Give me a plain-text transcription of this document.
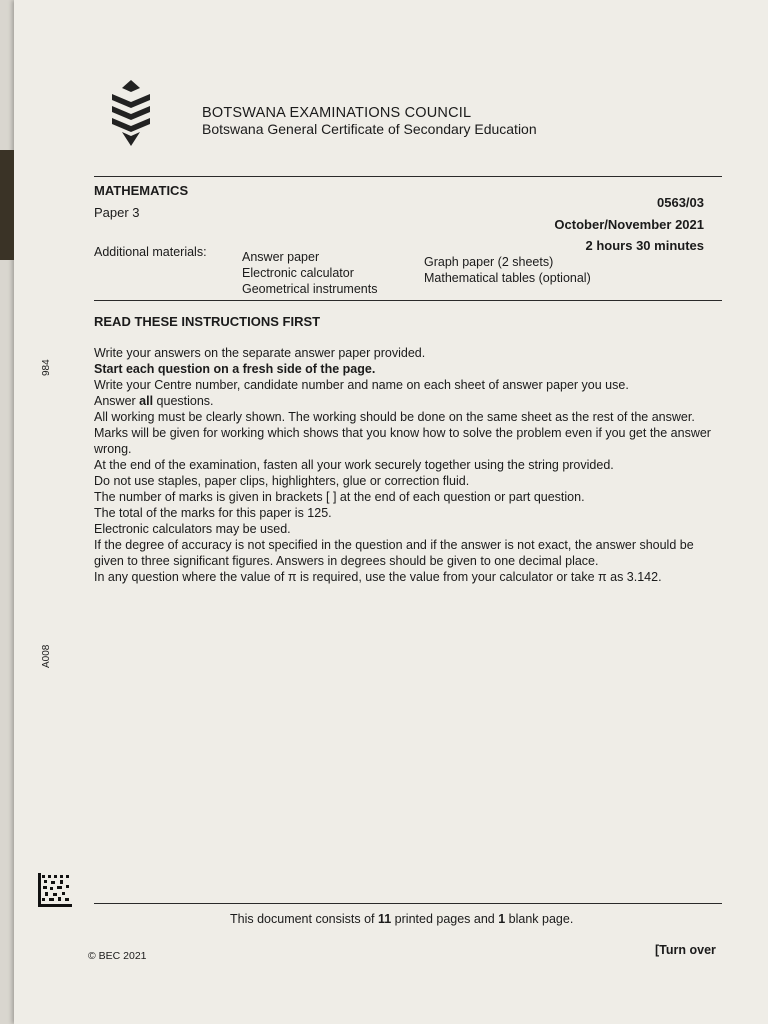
BOTSWANA EXAMINATIONS COUNCIL
Botswana General Certificate of Secondary Education
MATHEMATICS
Paper 3
0563/03
October/November 2021
2 hours 30 minutes
Additional materials:	Answer paper
Electronic calculator
Geometrical instruments
Graph paper (2 sheets)
Mathematical tables (optional)
READ THESE INSTRUCTIONS FIRST

Write your answers on the separate answer paper provided.

Start each question on a fresh side of the page.

Write your Centre number, candidate number and name on each sheet of answer paper you use.

Answer all questions.

All working must be clearly shown. The working should be done on the same sheet as the rest of the answer.

Marks will be given for working which shows that you know how to solve the problem even if you get the answer wrong.

At the end of the examination, fasten all your work securely together using the string provided.

Do not use staples, paper clips, highlighters, glue or correction fluid.

The number of marks is given in brackets [ ] at the end of each question or part question.

The total of the marks for this paper is 125.

Electronic calculators may be used.

If the degree of accuracy is not specified in the question and if the answer is not exact, the answer should be given to three significant figures. Answers in degrees should be given to one decimal place.

In any question where the value of π is required, use the value from your calculator or take π as 3.142.

984
A008
This document consists of 11 printed pages and 1 blank page.
© BEC 2021	[Turn over
